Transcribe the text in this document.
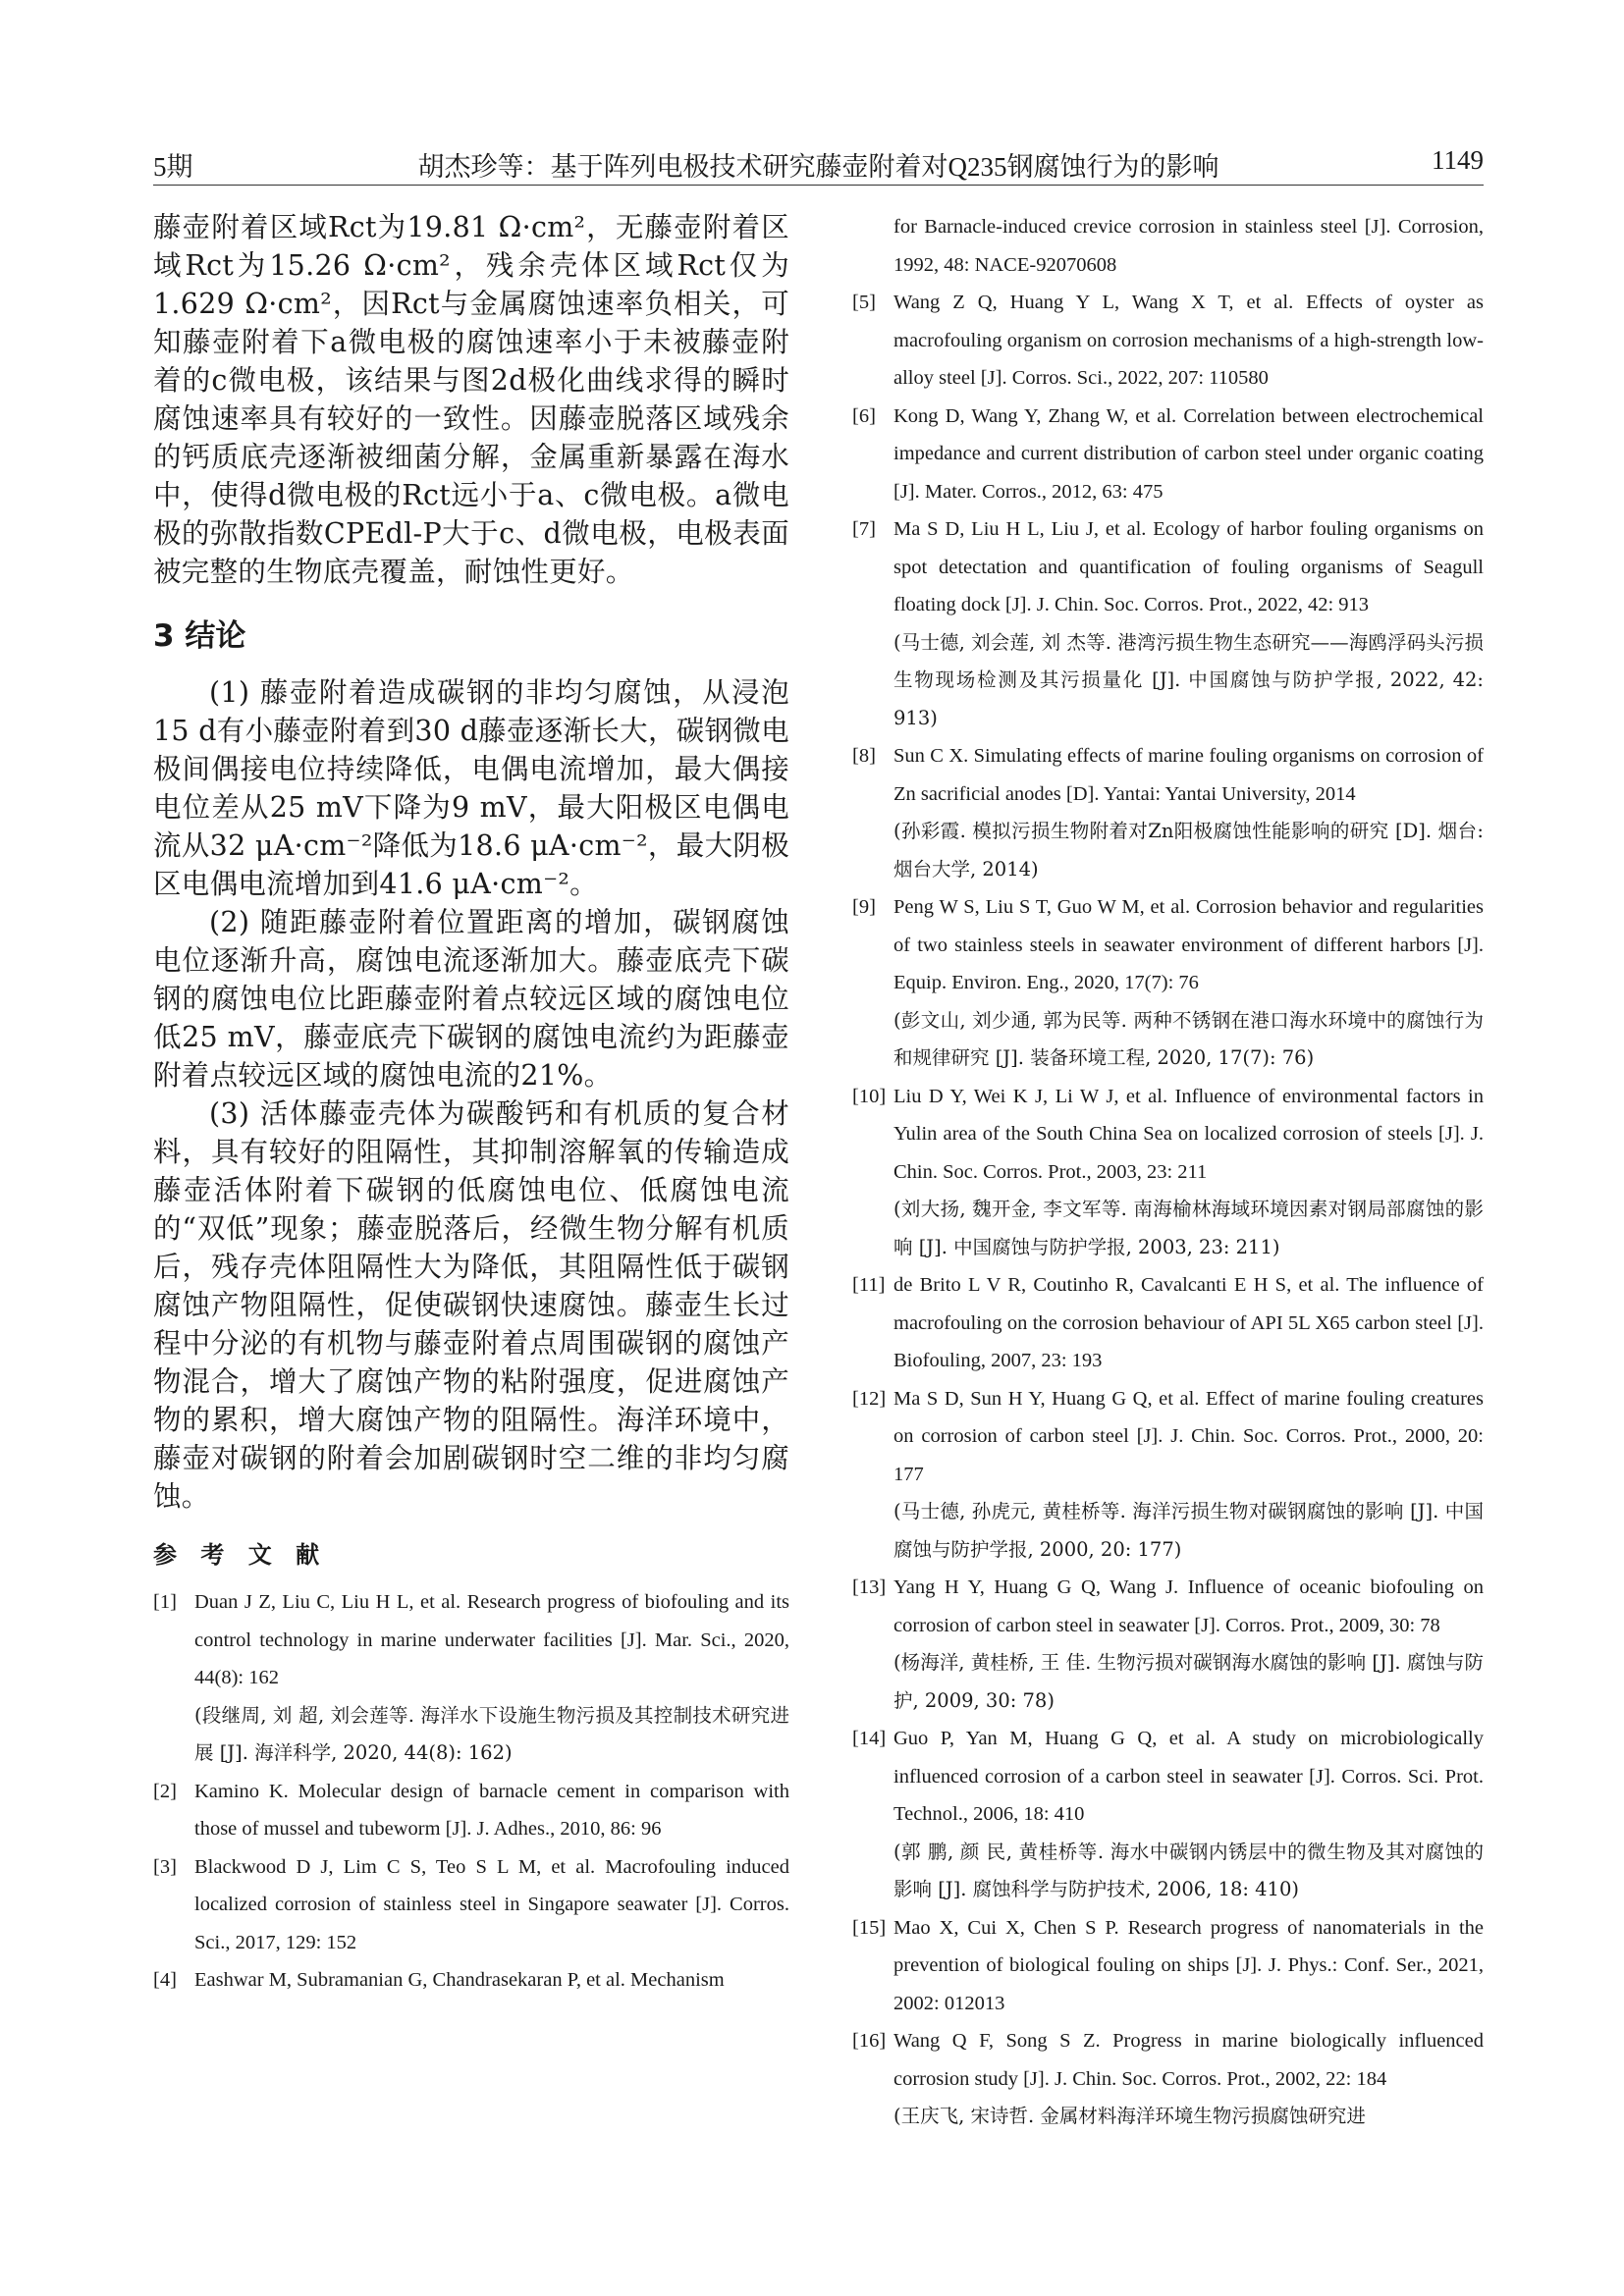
5期	胡杰珍等：基于阵列电极技术研究藤壶附着对Q235钢腐蚀行为的影响	1149

藤壶附着区域Rct为19.81 Ω·cm²，无藤壶附着区域Rct为15.26 Ω·cm²，残余壳体区域Rct仅为1.629 Ω·cm²，因Rct与金属腐蚀速率负相关，可知藤壶附着下a微电极的腐蚀速率小于未被藤壶附着的c微电极，该结果与图2d极化曲线求得的瞬时腐蚀速率具有较好的一致性。因藤壶脱落区域残余的钙质底壳逐渐被细菌分解，金属重新暴露在海水中，使得d微电极的Rct远小于a、c微电极。a微电极的弥散指数CPEdl-P大于c、d微电极，电极表面被完整的生物底壳覆盖，耐蚀性更好。

3 结论

(1) 藤壶附着造成碳钢的非均匀腐蚀，从浸泡15 d有小藤壶附着到30 d藤壶逐渐长大，碳钢微电极间偶接电位持续降低，电偶电流增加，最大偶接电位差从25 mV下降为9 mV，最大阳极区电偶电流从32 μA·cm⁻²降低为18.6 μA·cm⁻²，最大阴极区电偶电流增加到41.6 μA·cm⁻²。

(2) 随距藤壶附着位置距离的增加，碳钢腐蚀电位逐渐升高，腐蚀电流逐渐加大。藤壶底壳下碳钢的腐蚀电位比距藤壶附着点较远区域的腐蚀电位低25 mV，藤壶底壳下碳钢的腐蚀电流约为距藤壶附着点较远区域的腐蚀电流的21%。

(3) 活体藤壶壳体为碳酸钙和有机质的复合材料，具有较好的阻隔性，其抑制溶解氧的传输造成藤壶活体附着下碳钢的低腐蚀电位、低腐蚀电流的“双低”现象；藤壶脱落后，经微生物分解有机质后，残存壳体阻隔性大为降低，其阻隔性低于碳钢腐蚀产物阻隔性，促使碳钢快速腐蚀。藤壶生长过程中分泌的有机物与藤壶附着点周围碳钢的腐蚀产物混合，增大了腐蚀产物的粘附强度，促进腐蚀产物的累积，增大腐蚀产物的阻隔性。海洋环境中，藤壶对碳钢的附着会加剧碳钢时空二维的非均匀腐蚀。

参 考 文 献
[1] Duan J Z, Liu C, Liu H L, et al. Research progress of biofouling and its control technology in marine underwater facilities [J]. Mar. Sci., 2020, 44(8): 162
(段继周, 刘 超, 刘会莲等. 海洋水下设施生物污损及其控制技术研究进展 [J]. 海洋科学, 2020, 44(8): 162)
[2] Kamino K. Molecular design of barnacle cement in comparison with those of mussel and tubeworm [J]. J. Adhes., 2010, 86: 96
[3] Blackwood D J, Lim C S, Teo S L M, et al. Macrofouling induced localized corrosion of stainless steel in Singapore seawater [J]. Corros. Sci., 2017, 129: 152
[4] Eashwar M, Subramanian G, Chandrasekaran P, et al. Mechanism
for Barnacle-induced crevice corrosion in stainless steel [J]. Corrosion, 1992, 48: NACE-92070608
[5] Wang Z Q, Huang Y L, Wang X T, et al. Effects of oyster as macrofouling organism on corrosion mechanisms of a high-strength low-alloy steel [J]. Corros. Sci., 2022, 207: 110580
[6] Kong D, Wang Y, Zhang W, et al. Correlation between electrochemical impedance and current distribution of carbon steel under organic coating [J]. Mater. Corros., 2012, 63: 475
[7] Ma S D, Liu H L, Liu J, et al. Ecology of harbor fouling organisms on spot detectation and quantification of fouling organisms of Seagull floating dock [J]. J. Chin. Soc. Corros. Prot., 2022, 42: 913
(马士德, 刘会莲, 刘 杰等. 港湾污损生物生态研究——海鸥浮码头污损生物现场检测及其污损量化 [J]. 中国腐蚀与防护学报, 2022, 42: 913)
[8] Sun C X. Simulating effects of marine fouling organisms on corrosion of Zn sacrificial anodes [D]. Yantai: Yantai University, 2014
(孙彩霞. 模拟污损生物附着对Zn阳极腐蚀性能影响的研究 [D]. 烟台: 烟台大学, 2014)
[9] Peng W S, Liu S T, Guo W M, et al. Corrosion behavior and regularities of two stainless steels in seawater environment of different harbors [J]. Equip. Environ. Eng., 2020, 17(7): 76
(彭文山, 刘少通, 郭为民等. 两种不锈钢在港口海水环境中的腐蚀行为和规律研究 [J]. 装备环境工程, 2020, 17(7): 76)
[10] Liu D Y, Wei K J, Li W J, et al. Influence of environmental factors in Yulin area of the South China Sea on localized corrosion of steels [J]. J. Chin. Soc. Corros. Prot., 2003, 23: 211
(刘大扬, 魏开金, 李文军等. 南海榆林海域环境因素对钢局部腐蚀的影响 [J]. 中国腐蚀与防护学报, 2003, 23: 211)
[11] de Brito L V R, Coutinho R, Cavalcanti E H S, et al. The influence of macrofouling on the corrosion behaviour of API 5L X65 carbon steel [J]. Biofouling, 2007, 23: 193
[12] Ma S D, Sun H Y, Huang G Q, et al. Effect of marine fouling creatures on corrosion of carbon steel [J]. J. Chin. Soc. Corros. Prot., 2000, 20: 177
(马士德, 孙虎元, 黄桂桥等. 海洋污损生物对碳钢腐蚀的影响 [J]. 中国腐蚀与防护学报, 2000, 20: 177)
[13] Yang H Y, Huang G Q, Wang J. Influence of oceanic biofouling on corrosion of carbon steel in seawater [J]. Corros. Prot., 2009, 30: 78
(杨海洋, 黄桂桥, 王 佳. 生物污损对碳钢海水腐蚀的影响 [J]. 腐蚀与防护, 2009, 30: 78)
[14] Guo P, Yan M, Huang G Q, et al. A study on microbiologically influenced corrosion of a carbon steel in seawater [J]. Corros. Sci. Prot. Technol., 2006, 18: 410
(郭 鹏, 颜 民, 黄桂桥等. 海水中碳钢内锈层中的微生物及其对腐蚀的影响 [J]. 腐蚀科学与防护技术, 2006, 18: 410)
[15] Mao X, Cui X, Chen S P. Research progress of nanomaterials in the prevention of biological fouling on ships [J]. J. Phys.: Conf. Ser., 2021, 2002: 012013
[16] Wang Q F, Song S Z. Progress in marine biologically influenced corrosion study [J]. J. Chin. Soc. Corros. Prot., 2002, 22: 184
(王庆飞, 宋诗哲. 金属材料海洋环境生物污损腐蚀研究进
